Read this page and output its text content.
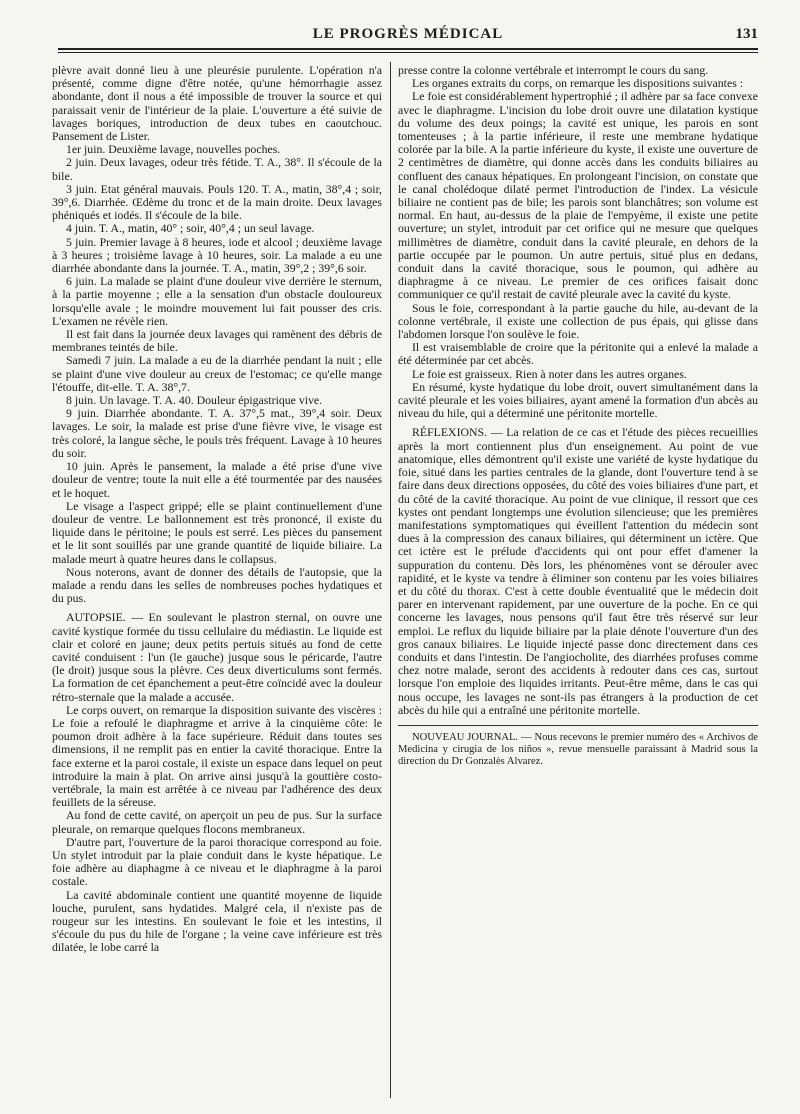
LE PROGRÈS MÉDICAL	131

plèvre avait donné lieu à une pleurésie purulente. L'opération n'a présenté, comme digne d'être notée, qu'une hémorrhagie assez abondante, dont il nous a été impossible de trouver la source et qui paraissait venir de l'intérieur de la plaie. L'ouverture a été suivie de lavages boriques, introduction de deux tubes en caoutchouc. Pansement de Lister.

1er juin. Deuxième lavage, nouvelles poches.

2 juin. Deux lavages, odeur très fétide. T. A., 38°. Il s'écoule de la bile.

3 juin. Etat général mauvais. Pouls 120. T. A., matin, 38°,4 ; soir, 39°,6. Diarrhée. Œdème du tronc et de la main droite. Deux lavages phéniqués et iodés. Il s'écoule de la bile.

4 juin. T. A., matin, 40° ; soir, 40°,4 ; un seul lavage.

5 juin. Premier lavage à 8 heures, iode et alcool ; deuxième lavage à 3 heures ; troisième lavage à 10 heures, soir. La malade a eu une diarrhée abondante dans la journée. T. A., matin, 39°,2 ; 39°,6 soir.

6 juin. La malade se plaint d'une douleur vive derrière le sternum, à la partie moyenne ; elle a la sensation d'un obstacle douloureux lorsqu'elle avale ; le moindre mouvement lui fait pousser des cris. L'examen ne révèle rien.

Il est fait dans la journée deux lavages qui ramènent des débris de membranes teintés de bile.

Samedi 7 juin. La malade a eu de la diarrhée pendant la nuit ; elle se plaint d'une vive douleur au creux de l'estomac; ce qu'elle mange l'étouffe, dit-elle. T. A. 38°,7.

8 juin. Un lavage. T. A. 40. Douleur épigastrique vive.

9 juin. Diarrhée abondante. T. A. 37°,5 mat., 39°,4 soir. Deux lavages. Le soir, la malade est prise d'une fièvre vive, le visage est très coloré, la langue sèche, le pouls très fréquent. Lavage à 10 heures du soir.

10 juin. Après le pansement, la malade a été prise d'une vive douleur de ventre; toute la nuit elle a été tourmentée par des nausées et le hoquet.

Le visage a l'aspect grippé; elle se plaint continuellement d'une douleur de ventre. Le ballonnement est très prononcé, il existe du liquide dans le péritoine; le pouls est serré. Les pièces du pansement et le lit sont souillés par une grande quantité de liquide biliaire. La malade meurt à quatre heures dans le collapsus.

Nous noterons, avant de donner des détails de l'autopsie, que la malade a rendu dans les selles de nombreuses poches hydatiques et du pus.

AUTOPSIE. — En soulevant le plastron sternal, on ouvre une cavité kystique formée du tissu cellulaire du médiastin. Le liquide est clair et coloré en jaune; deux petits pertuis situés au fond de cette cavité conduisent : l'un (le gauche) jusque sous le péricarde, l'autre (le droit) jusque sous la plèvre. Ces deux diverticulums sont fermés. La formation de cet épanchement a peut-être coïncidé avec la douleur rétro-sternale que la malade a accusée.

Le corps ouvert, on remarque la disposition suivante des viscères : Le foie a refoulé le diaphragme et arrive à la cinquième côte: le poumon droit adhère à la face supérieure. Réduit dans toutes ses dimensions, il ne remplit pas en entier la cavité thoracique. Entre la face externe et la paroi costale, il existe un espace dans lequel on peut introduire la main à plat. On arrive ainsi jusqu'à la gouttière costo-vertébrale, la main est arrêtée à ce niveau par l'adhérence des deux feuillets de la séreuse.

Au fond de cette cavité, on aperçoit un peu de pus. Sur la surface pleurale, on remarque quelques flocons membraneux.

D'autre part, l'ouverture de la paroi thoracique correspond au foie. Un stylet introduit par la plaie conduit dans le kyste hépatique. Le foie adhère au diaphagme à ce niveau et le diaphragme à la paroi costale.

La cavité abdominale contient une quantité moyenne de liquide louche, purulent, sans hydatides. Malgré cela, il n'existe pas de rougeur sur les intestins. En soulevant le foie et les intestins, il s'écoule du pus du hile de l'organe ; la veine cave inférieure est très dilatée, le lobe carré la

presse contre la colonne vertébrale et interrompt le cours du sang.

Les organes extraits du corps, on remarque les dispositions suivantes :

Le foie est considérablement hypertrophié ; il adhère par sa face convexe avec le diaphragme. L'incision du lobe droit ouvre une dilatation kystique du volume des deux poings; la cavité est unique, les parois en sont tomenteuses ; à la partie inférieure, il reste une membrane hydatique colorée par la bile. A la partie inférieure du kyste, il existe une ouverture de 2 centimètres de diamètre, qui donne accès dans les conduits biliaires au confluent des canaux hépatiques. En prolongeant l'incision, on constate que le canal cholédoque dilaté permet l'introduction de l'index. La vésicule biliaire ne contient pas de bile; les parois sont blanchâtres; son volume est normal. En haut, au-dessus de la plaie de l'empyème, il existe une petite ouverture; un stylet, introduit par cet orifice qui ne mesure que quelques millimètres de diamètre, conduit dans la cavité pleurale, en dehors de la partie occupée par le poumon. Un autre pertuis, situé plus en dedans, conduit dans la cavité thoracique, sous le poumon, qui adhère au diaphragme à ce niveau. Le premier de ces orifices faisait donc communiquer ce qu'il restait de cavité pleurale avec la cavité du kyste.

Sous le foie, correspondant à la partie gauche du hile, au-devant de la colonne vertébrale, il existe une collection de pus épais, qui glisse dans l'abdomen lorsque l'on soulève le foie.

Il est vraisemblable de croire que la péritonite qui a enlevé la malade a été déterminée par cet abcès.

Le foie est graisseux. Rien à noter dans les autres organes.

En résumé, kyste hydatique du lobe droit, ouvert simultanément dans la cavité pleurale et les voies biliaires, ayant amené la formation d'un abcès au niveau du hile, qui a déterminé une péritonite mortelle.

RÉFLEXIONS. — La relation de ce cas et l'étude des pièces recueillies après la mort contiennent plus d'un enseignement. Au point de vue anatomique, elles démontrent qu'il existe une variété de kyste hydatique du foie, situé dans les parties centrales de la glande, dont l'ouverture tend à se faire dans deux directions opposées, du côté des voies biliaires d'une part, et du côté de la cavité thoracique. Au point de vue clinique, il ressort que ces kystes ont pendant longtemps une évolution silencieuse; que les premières manifestations symptomatiques qui éveillent l'attention du médecin sont dues à la compression des canaux biliaires, qui déterminent un ictère. Que cet ictère est le prélude d'accidents qui ont pour effet d'amener la suppuration du contenu. Dès lors, les phénomènes vont se dérouler avec rapidité, et le kyste va tendre à éliminer son contenu par les voies biliaires et du côté du thorax. C'est à cette double éventualité que le médecin doit parer en intervenant rapidement, par une ouverture de la poche. En ce qui concerne les lavages, nous pensons qu'il faut être très réservé sur leur emploi. Le reflux du liquide biliaire par la plaie dénote l'ouverture d'un des gros canaux biliaires. Le liquide injecté passe donc directement dans ces conduits et dans l'intestin. De l'angiocholite, des diarrhées profuses comme chez notre malade, seront des accidents à redouter dans ces cas, surtout lorsque l'on emploie des liquides irritants. Peut-être même, dans le cas qui nous occupe, les lavages ne sont-ils pas étrangers à la production de cet abcès du hile qui a entraîné une péritonite mortelle.

NOUVEAU JOURNAL. — Nous recevons le premier numéro des « Archivos de Medicina y cirugia de los niños », revue mensuelle paraissant à Madrid sous la direction du Dr Gonzalès Alvarez.
